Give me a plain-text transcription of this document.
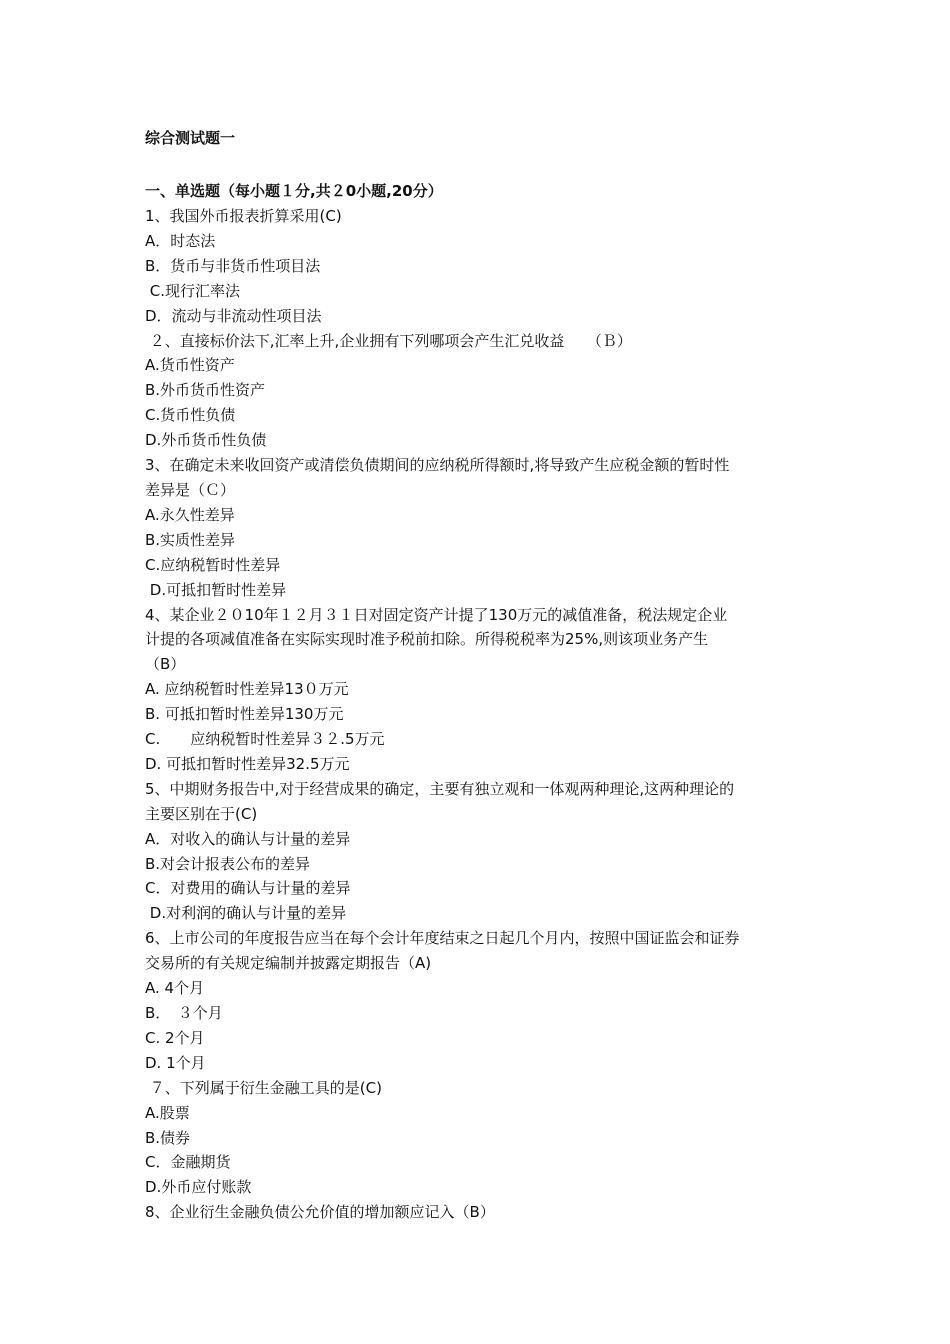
综合测试题一
一、单选题（每小题１分,共２0小题,20分）
1、我国外币报表折算采用(C)
A．时态法
B．货币与非货币性项目法
C.现行汇率法
D．流动与非流动性项目法
２、直接标价法下,汇率上升,企业拥有下列哪项会产生汇兑收益　　（Ｂ）
A.货币性资产
B.外币货币性资产
C.货币性负债
D.外币货币性负债
3、在确定未来收回资产或清偿负债期间的应纳税所得额时,将导致产生应税金额的暂时性
差异是（Ｃ）
A.永久性差异
B.实质性差异
C.应纳税暂时性差异
D.可抵扣暂时性差异
4、某企业２０10年１２月３１日对固定资产计提了130万元的减值准备，税法规定企业
计提的各项减值准备在实际实现时准予税前扣除。所得税税率为25%,则该项业务产生
（B）
A. 应纳税暂时性差异13０万元
B. 可抵扣暂时性差异130万元
C.　　应纳税暂时性差异３２.5万元
D. 可抵扣暂时性差异32.5万元
5、中期财务报告中,对于经营成果的确定，主要有独立观和一体观两种理论,这两种理论的
主要区别在于(C)
A．对收入的确认与计量的差异
B.对会计报表公布的差异
C．对费用的确认与计量的差异
D.对利润的确认与计量的差异
6、上市公司的年度报告应当在每个会计年度结束之日起几个月内，按照中国证监会和证券
交易所的有关规定编制并披露定期报告（A)
A. 4个月
B．　３个月
C. 2个月
D. 1个月
７、下列属于衍生金融工具的是(C)
A.股票
B.债券
C．金融期货
D.外币应付账款
8、企业衍生金融负债公允价值的增加额应记入（B）
